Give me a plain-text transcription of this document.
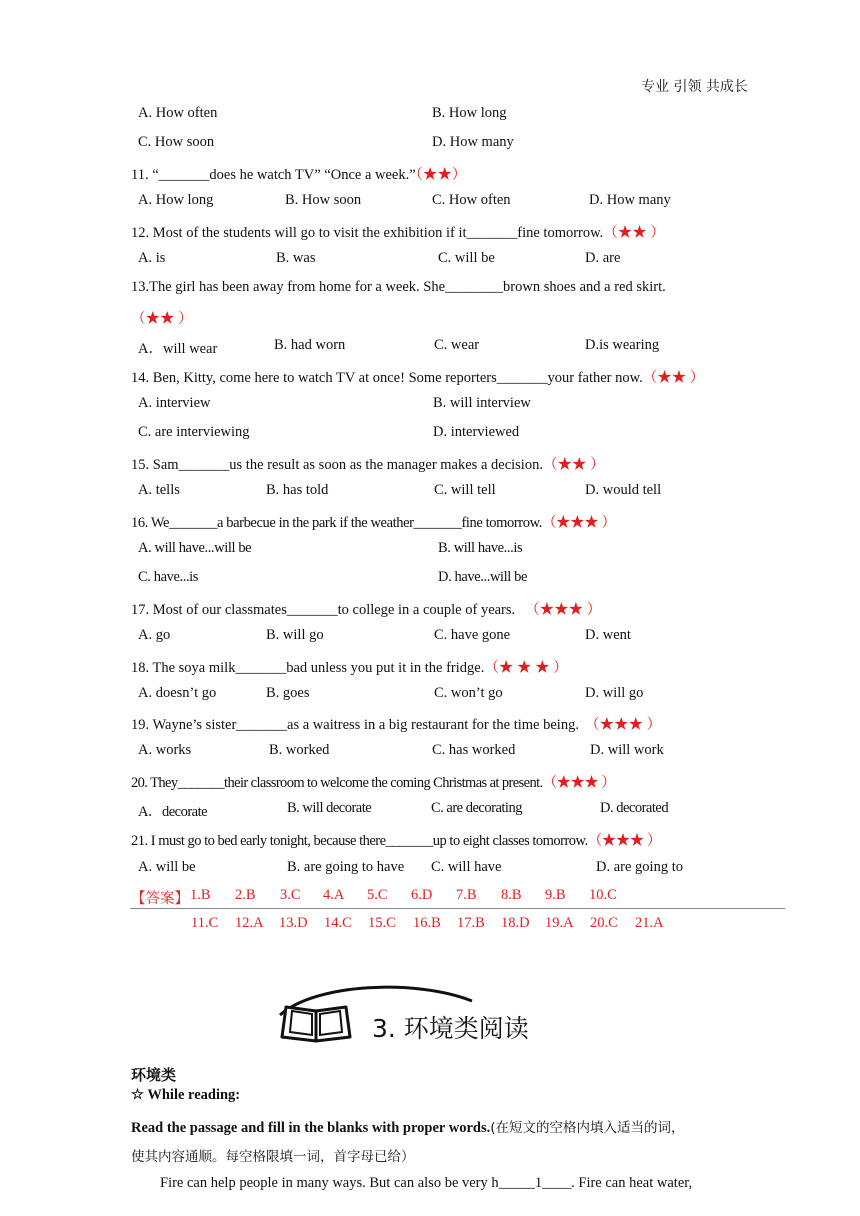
专业 引领 共成长
A. How often	B. How long
C. How soon	D. How many
11. “_______does he watch TV” “Once a week.”（★★）
A. How long	B. How soon	C. How often	D. How many
12. Most of the students will go to visit the exhibition if it_______fine tomorrow.（★★ ）
A. is	B. was	C. will be	D. are
13.The girl has been away from home for a week. She________brown shoes and a red skirt.
（★★ ）
A．will wear	B. had worn	C. wear	D.is wearing
14. Ben, Kitty, come here to watch TV at once! Some reporters_______your father now.（★★ ）
A. interview	B. will interview
C. are interviewing	D. interviewed
15. Sam_______us the result as soon as the manager makes a decision.（★★ ）
A. tells	B. has told	C. will tell	D. would tell
16. We_______a barbecue in the park if the weather_______fine tomorrow.（★★★ ）
A. will have...will be	B. will have...is
C. have...is	D. have...will be
17. Most of our classmates_______to college in a couple of years. （★★★ ）
A. go	B. will go	C. have gone	D. went
18. The soya milk_______bad unless you put it in the fridge.（★ ★ ★ ）
A. doesn’t go	B. goes	C. won’t go	D. will go
19. Wayne’s sister_______as a waitress in a big restaurant for the time being. （★★★ ）
A. works	B. worked	C. has worked	D. will work
20. They_______their classroom to welcome the coming Christmas at present.（★★★ ）
A．decorate	B. will decorate	C. are decorating	D. decorated
21. I must go to bed early tonight, because there_______up to eight classes tomorrow.（★★★ ）
A. will be	B. are going to have C. will have	D. are going to
【答案】 1.B 2.B 3.C 4.A 5.C 6.D 7.B 8.B 9.B 10.C
11.C 12.A 13.D 14.C 15.C 16.B 17.B 18.D 19.A 20.C 21.A
3. 环境类阅读
环境类
☆ While reading:
Read the passage and fill in the blanks with proper words.(在短文的空格内填入适当的词，
使其内容通顺。每空格限填一词，首字母已给）
Fire can help people in many ways. But can also be very h_____1____. Fire can heat water,
